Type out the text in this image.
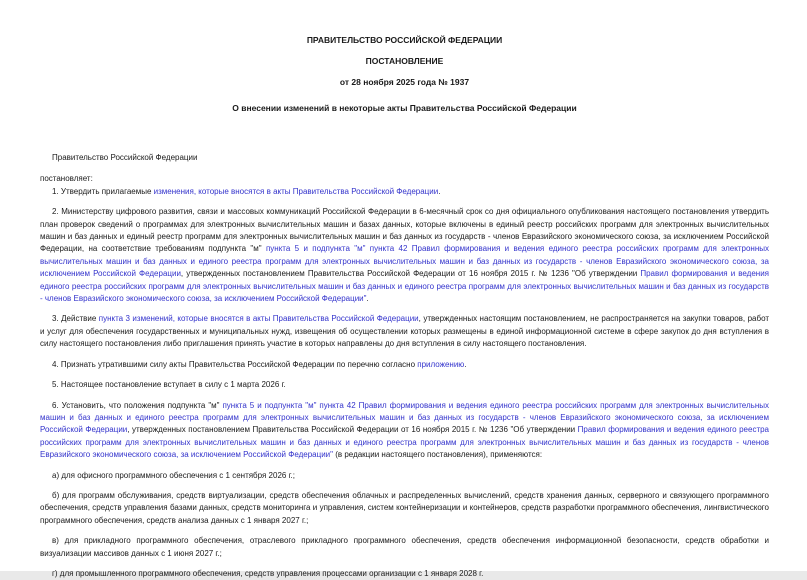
ПРАВИТЕЛЬСТВО РОССИЙСКОЙ ФЕДЕРАЦИИ
ПОСТАНОВЛЕНИЕ
от 28 ноября 2025 года № 1937
О внесении изменений в некоторые акты Правительства Российской Федерации

Правительство Российской Федерации

постановляет:

1. Утвердить прилагаемые изменения, которые вносятся в акты Правительства Российской Федерации.

2. Министерству цифрового развития, связи и массовых коммуникаций Российской Федерации в 6-месячный срок со дня официального опубликования настоящего постановления утвердить план проверок сведений о программах для электронных вычислительных машин и базах данных, которые включены в единый реестр российских программ для электронных вычислительных машин и баз данных и единый реестр программ для электронных вычислительных машин и баз данных из государств - членов Евразийского экономического союза, за исключением Российской Федерации, на соответствие требованиям подпункта "м" пункта 5 и подпункта "м" пункта 42 Правил формирования и ведения единого реестра российских программ для электронных вычислительных машин и баз данных и единого реестра программ для электронных вычислительных машин и баз данных из государств - членов Евразийского экономического союза, за исключением Российской Федерации, утвержденных постановлением Правительства Российской Федерации от 16 ноября 2015 г. № 1236 "Об утверждении Правил формирования и ведения единого реестра российских программ для электронных вычислительных машин и баз данных и единого реестра программ для электронных вычислительных машин и баз данных из государств - членов Евразийского экономического союза, за исключением Российской Федерации".

3. Действие пункта 3 изменений, которые вносятся в акты Правительства Российской Федерации, утвержденных настоящим постановлением, не распространяется на закупки товаров, работ и услуг для обеспечения государственных и муниципальных нужд, извещения об осуществлении которых размещены в единой информационной системе в сфере закупок до дня вступления в силу настоящего постановления либо приглашения принять участие в которых направлены до дня вступления в силу настоящего постановления.

4. Признать утратившими силу акты Правительства Российской Федерации по перечню согласно приложению.

5. Настоящее постановление вступает в силу с 1 марта 2026 г.

6. Установить, что положения подпункта "м" пункта 5 и подпункта "м" пункта 42 Правил формирования и ведения единого реестра российских программ для электронных вычислительных машин и баз данных и единого реестра программ для электронных вычислительных машин и баз данных из государств - членов Евразийского экономического союза, за исключением Российской Федерации, утвержденных постановлением Правительства Российской Федерации от 16 ноября 2015 г. № 1236 "Об утверждении Правил формирования и ведения единого реестра российских программ для электронных вычислительных машин и баз данных и единого реестра программ для электронных вычислительных машин и баз данных из государств - членов Евразийского экономического союза, за исключением Российской Федерации" (в редакции настоящего постановления), применяются:

а) для офисного программного обеспечения с 1 сентября 2026 г.;

б) для программ обслуживания, средств виртуализации, средств обеспечения облачных и распределенных вычислений, средств хранения данных, серверного и связующего программного обеспечения, средств управления базами данных, средств мониторинга и управления, систем контейнеризации и контейнеров, средств разработки программного обеспечения, лингвистического программного обеспечения, средств анализа данных с 1 января 2027 г.;

в) для прикладного программного обеспечения, отраслевого прикладного программного обеспечения, средств обеспечения информационной безопасности, средств обработки и визуализации массивов данных с 1 июня 2027 г.;

г) для промышленного программного обеспечения, средств управления процессами организации с 1 января 2028 г.
